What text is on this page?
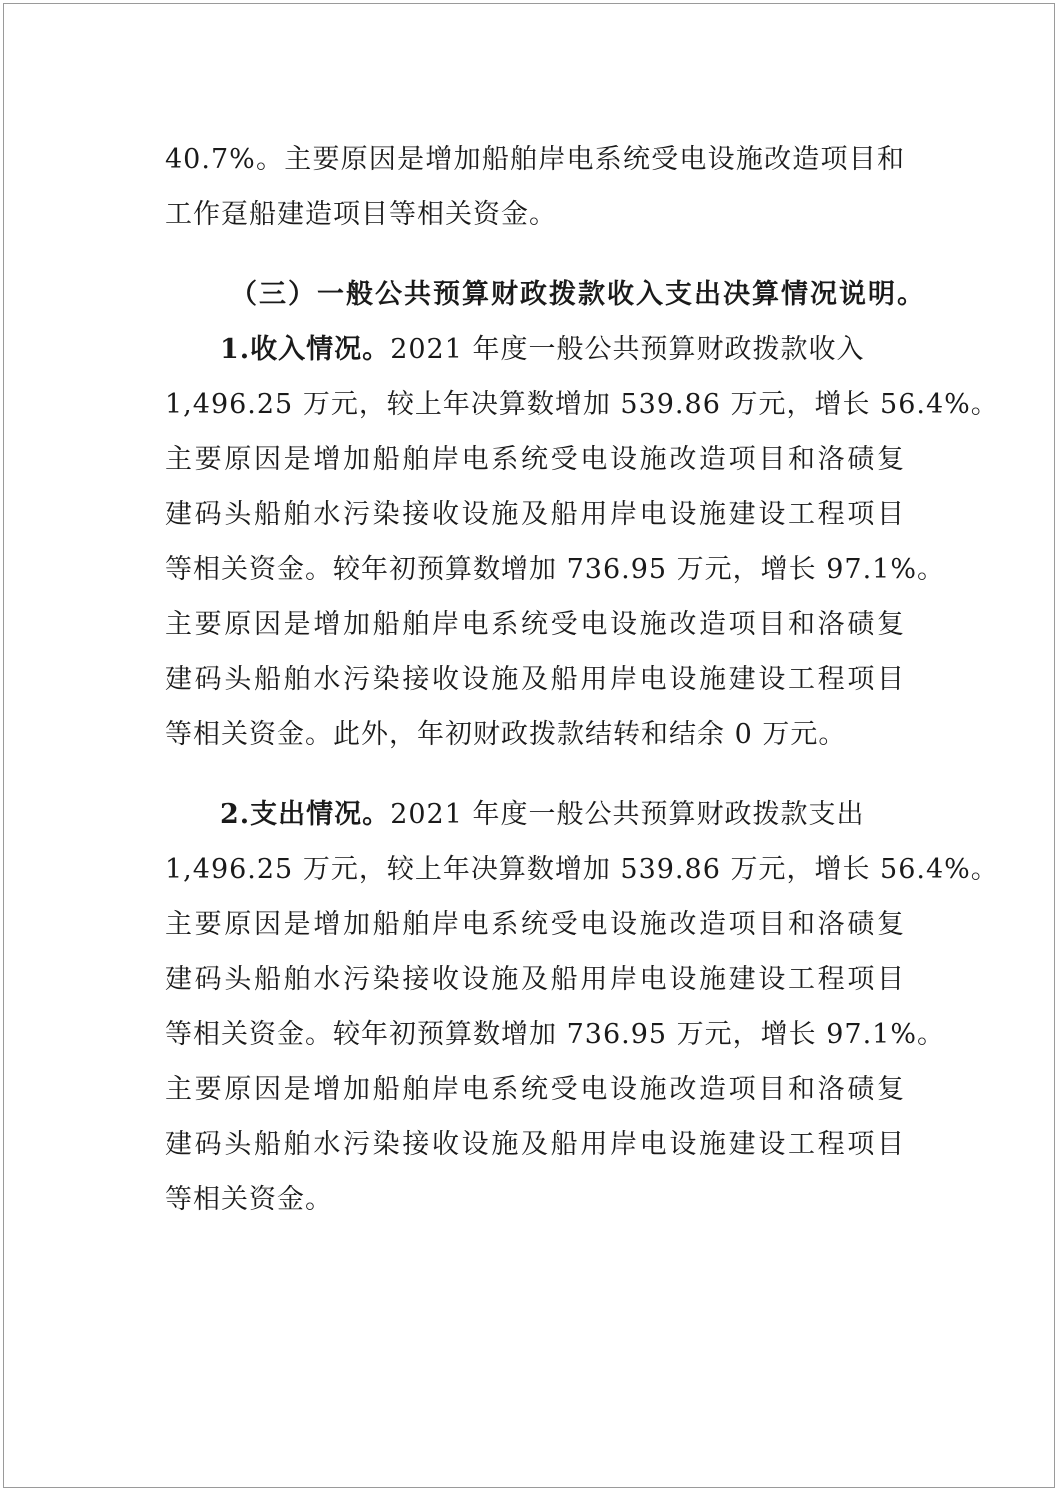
40.7%。主要原因是增加船舶岸电系统受电设施改造项目和
工作趸船建造项目等相关资金。
（三）一般公共预算财政拨款收入支出决算情况说明。
1.收入情况。2021 年度一般公共预算财政拨款收入
1,496.25 万元，较上年决算数增加 539.86 万元，增长 56.4%。
主要原因是增加船舶岸电系统受电设施改造项目和洛碛复
建码头船舶水污染接收设施及船用岸电设施建设工程项目
等相关资金。较年初预算数增加 736.95 万元，增长 97.1%。
主要原因是增加船舶岸电系统受电设施改造项目和洛碛复
建码头船舶水污染接收设施及船用岸电设施建设工程项目
等相关资金。此外，年初财政拨款结转和结余 0 万元。
2.支出情况。2021 年度一般公共预算财政拨款支出
1,496.25 万元，较上年决算数增加 539.86 万元，增长 56.4%。
主要原因是增加船舶岸电系统受电设施改造项目和洛碛复
建码头船舶水污染接收设施及船用岸电设施建设工程项目
等相关资金。较年初预算数增加 736.95 万元，增长 97.1%。
主要原因是增加船舶岸电系统受电设施改造项目和洛碛复
建码头船舶水污染接收设施及船用岸电设施建设工程项目
等相关资金。
